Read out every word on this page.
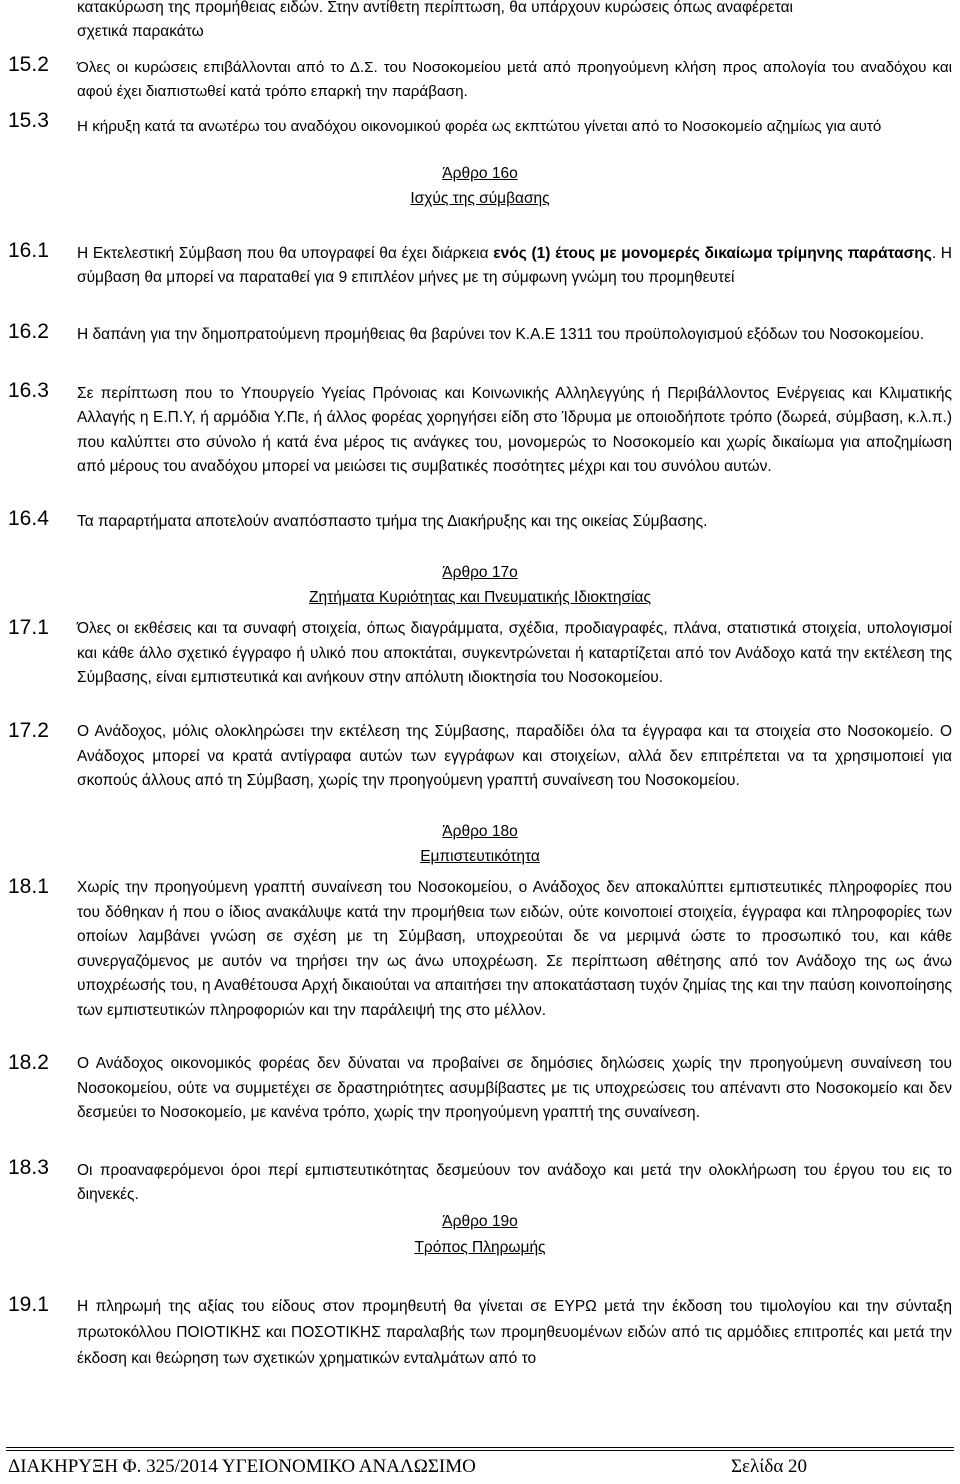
κατακύρωση της προμήθειας ειδών. Στην αντίθετη περίπτωση, θα υπάρχουν κυρώσεις όπως αναφέρεται
σχετικά παρακάτω
15.2 Όλες οι κυρώσεις επιβάλλονται από το Δ.Σ. του Νοσοκομείου μετά από προηγούμενη κλήση προς απολογία του αναδόχου και αφού έχει διαπιστωθεί κατά τρόπο επαρκή την παράβαση.
15.3 Η κήρυξη κατά τα ανωτέρω του αναδόχου οικονομικού φορέα ως εκπτώτου γίνεται από το Νοσοκομείο αζημίως για αυτό
Άρθρο 16ο
Ισχύς της σύμβασης
16.1 Η Εκτελεστική Σύμβαση που θα υπογραφεί θα έχει διάρκεια ενός (1) έτους με μονομερές δικαίωμα τρίμηνης παράτασης. Η σύμβαση θα μπορεί να παραταθεί για 9 επιπλέον μήνες με τη σύμφωνη γνώμη του προμηθευτεί
16.2 Η δαπάνη για την δημοπρατούμενη προμήθειας θα βαρύνει τον Κ.Α.Ε 1311 του προϋπολογισμού εξόδων του Νοσοκομείου.
16.3 Σε περίπτωση που το Υπουργείο Υγείας Πρόνοιας και Κοινωνικής Αλληλεγγύης ή Περιβάλλοντος Ενέργειας και Κλιματικής Αλλαγής η Ε.Π.Υ, ή αρμόδια Υ.Πε, ή άλλος φορέας χορηγήσει είδη στο Ίδρυμα με οποιοδήποτε τρόπο (δωρεά, σύμβαση, κ.λ.π.) που καλύπτει στο σύνολο ή κατά ένα μέρος τις ανάγκες του, μονομερώς το Νοσοκομείο και χωρίς δικαίωμα για αποζημίωση από μέρους του αναδόχου μπορεί να μειώσει τις συμβατικές ποσότητες μέχρι και του συνόλου αυτών.
16.4 Τα παραρτήματα αποτελούν αναπόσπαστο τμήμα της Διακήρυξης και της οικείας Σύμβασης.
Άρθρο 17ο
Ζητήματα Κυριότητας και Πνευματικής Ιδιοκτησίας
17.1 Όλες οι εκθέσεις και τα συναφή στοιχεία, όπως διαγράμματα, σχέδια, προδιαγραφές, πλάνα, στατιστικά στοιχεία, υπολογισμοί και κάθε άλλο σχετικό έγγραφο ή υλικό που αποκτάται, συγκεντρώνεται ή καταρτίζεται από τον Ανάδοχο κατά την εκτέλεση της Σύμβασης, είναι εμπιστευτικά και ανήκουν στην απόλυτη ιδιοκτησία του Νοσοκομείου.
17.2 Ο Ανάδοχος, μόλις ολοκληρώσει την εκτέλεση της Σύμβασης, παραδίδει όλα τα έγγραφα και τα στοιχεία στο Νοσοκομείο. Ο Ανάδοχος μπορεί να κρατά αντίγραφα αυτών των εγγράφων και στοιχείων, αλλά δεν επιτρέπεται να τα χρησιμοποιεί για σκοπούς άλλους από τη Σύμβαση, χωρίς την προηγούμενη γραπτή συναίνεση του Νοσοκομείου.
Άρθρο 18ο
Εμπιστευτικότητα
18.1 Χωρίς την προηγούμενη γραπτή συναίνεση του Νοσοκομείου, ο Ανάδοχος δεν αποκαλύπτει εμπιστευτικές πληροφορίες που του δόθηκαν ή που ο ίδιος ανακάλυψε κατά την προμήθεια των ειδών, ούτε κοινοποιεί στοιχεία, έγγραφα και πληροφορίες των οποίων λαμβάνει γνώση σε σχέση με τη Σύμβαση, υποχρεούται δε να μεριμνά ώστε το προσωπικό του, και κάθε συνεργαζόμενος με αυτόν να τηρήσει την ως άνω υποχρέωση. Σε περίπτωση αθέτησης από τον Ανάδοχο της ως άνω υποχρέωσής του, η Αναθέτουσα Αρχή δικαιούται να απαιτήσει την αποκατάσταση τυχόν ζημίας της και την παύση κοινοποίησης των εμπιστευτικών πληροφοριών και την παράλειψή της στο μέλλον.
18.2 Ο Ανάδοχος οικονομικός φορέας δεν δύναται να προβαίνει σε δημόσιες δηλώσεις χωρίς την προηγούμενη συναίνεση του Νοσοκομείου, ούτε να συμμετέχει σε δραστηριότητες ασυμβίβαστες με τις υποχρεώσεις του απέναντι στο Νοσοκομείο και δεν δεσμεύει το Νοσοκομείο, με κανένα τρόπο, χωρίς την προηγούμενη γραπτή της συναίνεση.
18.3 Οι προαναφερόμενοι όροι περί εμπιστευτικότητας δεσμεύουν τον ανάδοχο και μετά την ολοκλήρωση του έργου του εις το διηνεκές.
Άρθρο 19ο
Τρόπος Πληρωμής
19.1 Η πληρωμή της αξίας του είδους στον προμηθευτή θα γίνεται σε ΕΥΡΩ μετά την έκδοση του τιμολογίου και την σύνταξη πρωτοκόλλου ΠΟΙΟΤΙΚΗΣ και ΠΟΣΟΤΙΚΗΣ παραλαβής των προμηθευομένων ειδών από τις αρμόδιες επιτροπές και μετά την έκδοση και θεώρηση των σχετικών χρηματικών ενταλμάτων από το
ΔΙΑΚΗΡΥΞΗ Φ. 325/2014 ΥΓΕΙΟΝΟΜΙΚΟ ΑΝΑΛΩΣΙΜΟ	Σελίδα 20
